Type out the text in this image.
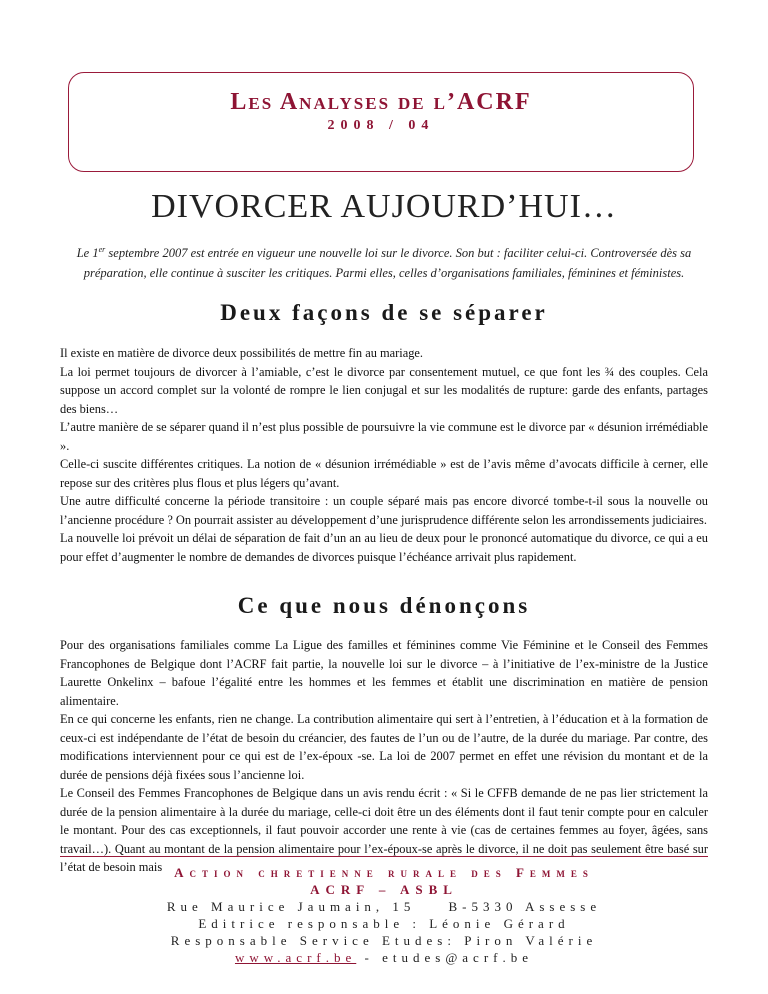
Les Analyses de l’ACRF
2008 / 04
DIVORCER AUJOURD’HUI…
Le 1er septembre 2007 est entrée en vigueur une nouvelle loi sur le divorce. Son but : faciliter celui-ci. Controversée dès sa préparation, elle continue à susciter les critiques. Parmi elles, celles d’organisations familiales, féminines et féministes.
Deux façons de se séparer

Il existe en matière de divorce deux possibilités de mettre fin au mariage.

La loi permet toujours de divorcer à l’amiable, c’est le divorce par consentement mutuel, ce que font les ¾ des couples. Cela suppose un accord complet sur la volonté de rompre le lien conjugal et sur les modalités de rupture: garde des enfants, partages des biens…

L’autre manière de se séparer quand il n’est plus possible de poursuivre la vie commune est le divorce par « désunion irrémédiable ».

Celle-ci suscite différentes critiques. La notion de « désunion irrémédiable » est de l’avis même d’avocats difficile à cerner, elle repose sur des critères plus flous et plus légers qu’avant.

Une autre difficulté concerne la période transitoire : un couple séparé mais pas encore divorcé tombe-t-il sous la nouvelle ou l’ancienne procédure ? On pourrait assister au développement d’une jurisprudence différente selon les arrondissements judiciaires.

La nouvelle loi prévoit un délai de séparation de fait d’un an au lieu de deux pour le prononcé automatique du divorce, ce qui a eu pour effet d’augmenter le nombre de demandes de divorces puisque l’échéance arrivait plus rapidement.

Ce que nous dénonçons

Pour des organisations familiales comme La Ligue des familles et féminines comme Vie Féminine et le Conseil des Femmes Francophones de Belgique dont l’ACRF fait partie, la nouvelle loi sur le divorce – à l’initiative de l’ex-ministre de la Justice Laurette Onkelinx – bafoue l’égalité entre les hommes et les femmes et établit une discrimination en matière de pension alimentaire.

En ce qui concerne les enfants, rien ne change. La contribution alimentaire qui sert à l’entretien, à l’éducation et à la formation de ceux-ci est indépendante de l’état de besoin du créancier, des fautes de l’un ou de l’autre, de la durée du mariage. Par contre, des modifications interviennent pour ce qui est de l’ex-époux -se. La loi de 2007 permet en effet une révision du montant et de la durée de pensions déjà fixées sous l’ancienne loi.

Le Conseil des Femmes Francophones de Belgique dans un avis rendu écrit : « Si le CFFB demande de ne pas lier strictement la durée de la pension alimentaire à la durée du mariage, celle-ci doit être un des éléments dont il faut tenir compte pour en calculer le montant. Pour des cas exceptionnels, il faut pouvoir accorder une rente à vie (cas de certaines femmes au foyer, âgées, sans travail…). Quant au montant de la pension alimentaire pour l’ex-époux-se après le divorce, il ne doit pas seulement être basé sur l’état de besoin mais Action chretienne rurale des Femmes
ACRF – ASBL
Rue Maurice Jaumain, 15	B-5330 Assesse
Editrice responsable : Léonie Gérard
Responsable Service Etudes: Piron Valérie
www.acrf.be - etudes@acrf.be
